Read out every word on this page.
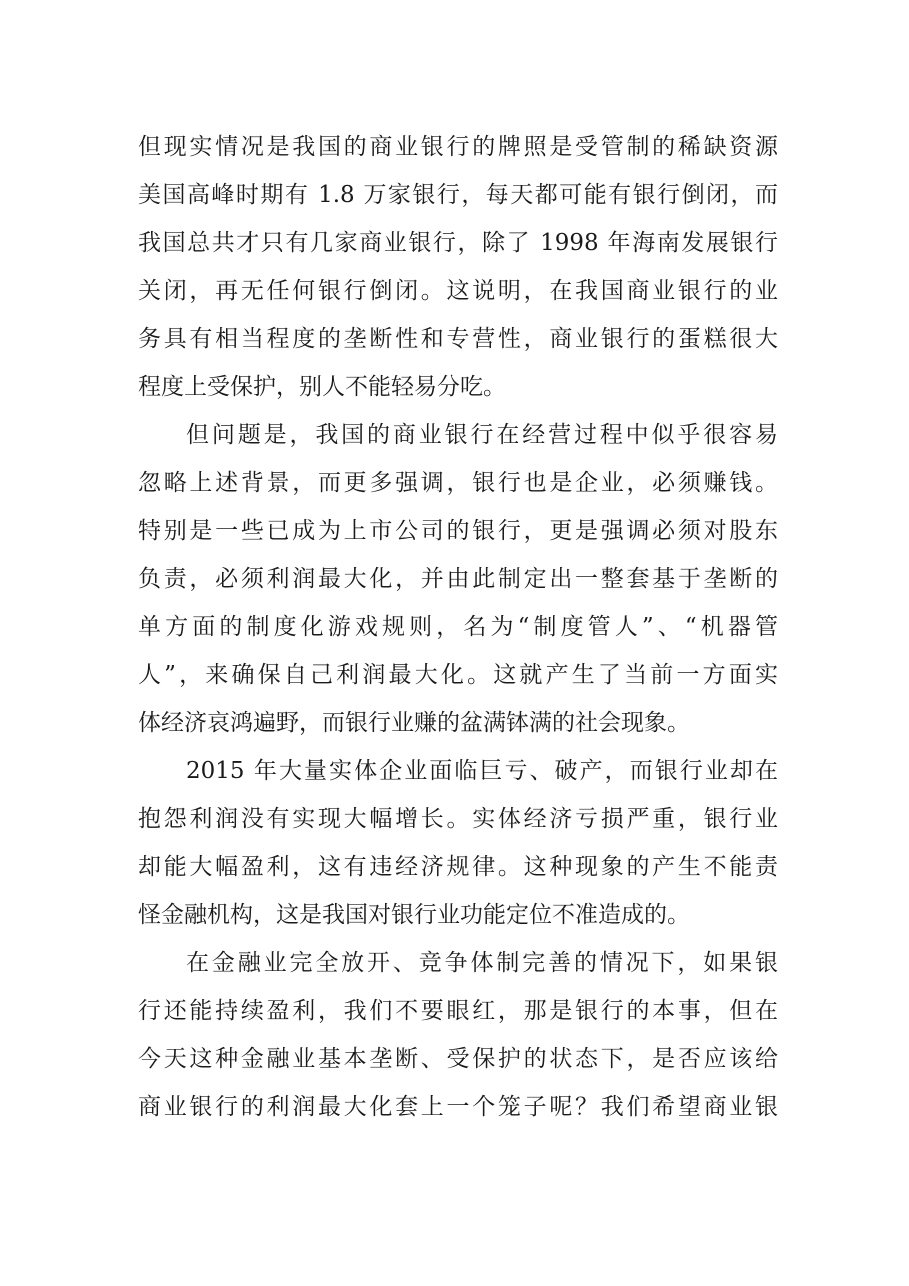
但现实情况是我国的商业银行的牌照是受管制的稀缺资源
美国高峰时期有 1.8 万家银行，每天都可能有银行倒闭，而
我国总共才只有几家商业银行，除了 1998 年海南发展银行
关闭，再无任何银行倒闭。这说明，在我国商业银行的业
务具有相当程度的垄断性和专营性，商业银行的蛋糕很大
程度上受保护，别人不能轻易分吃。
但问题是，我国的商业银行在经营过程中似乎很容易
忽略上述背景，而更多强调，银行也是企业，必须赚钱。
特别是一些已成为上市公司的银行，更是强调必须对股东
负责，必须利润最大化，并由此制定出一整套基于垄断的
单方面的制度化游戏规则，名为“制度管人”、“机器管
人”，来确保自己利润最大化。这就产生了当前一方面实
体经济哀鸿遍野，而银行业赚的盆满钵满的社会现象。
2015 年大量实体企业面临巨亏、破产，而银行业却在
抱怨利润没有实现大幅增长。实体经济亏损严重，银行业
却能大幅盈利，这有违经济规律。这种现象的产生不能责
怪金融机构，这是我国对银行业功能定位不准造成的。
在金融业完全放开、竞争体制完善的情况下，如果银
行还能持续盈利，我们不要眼红，那是银行的本事，但在
今天这种金融业基本垄断、受保护的状态下，是否应该给
商业银行的利润最大化套上一个笼子呢？我们希望商业银
